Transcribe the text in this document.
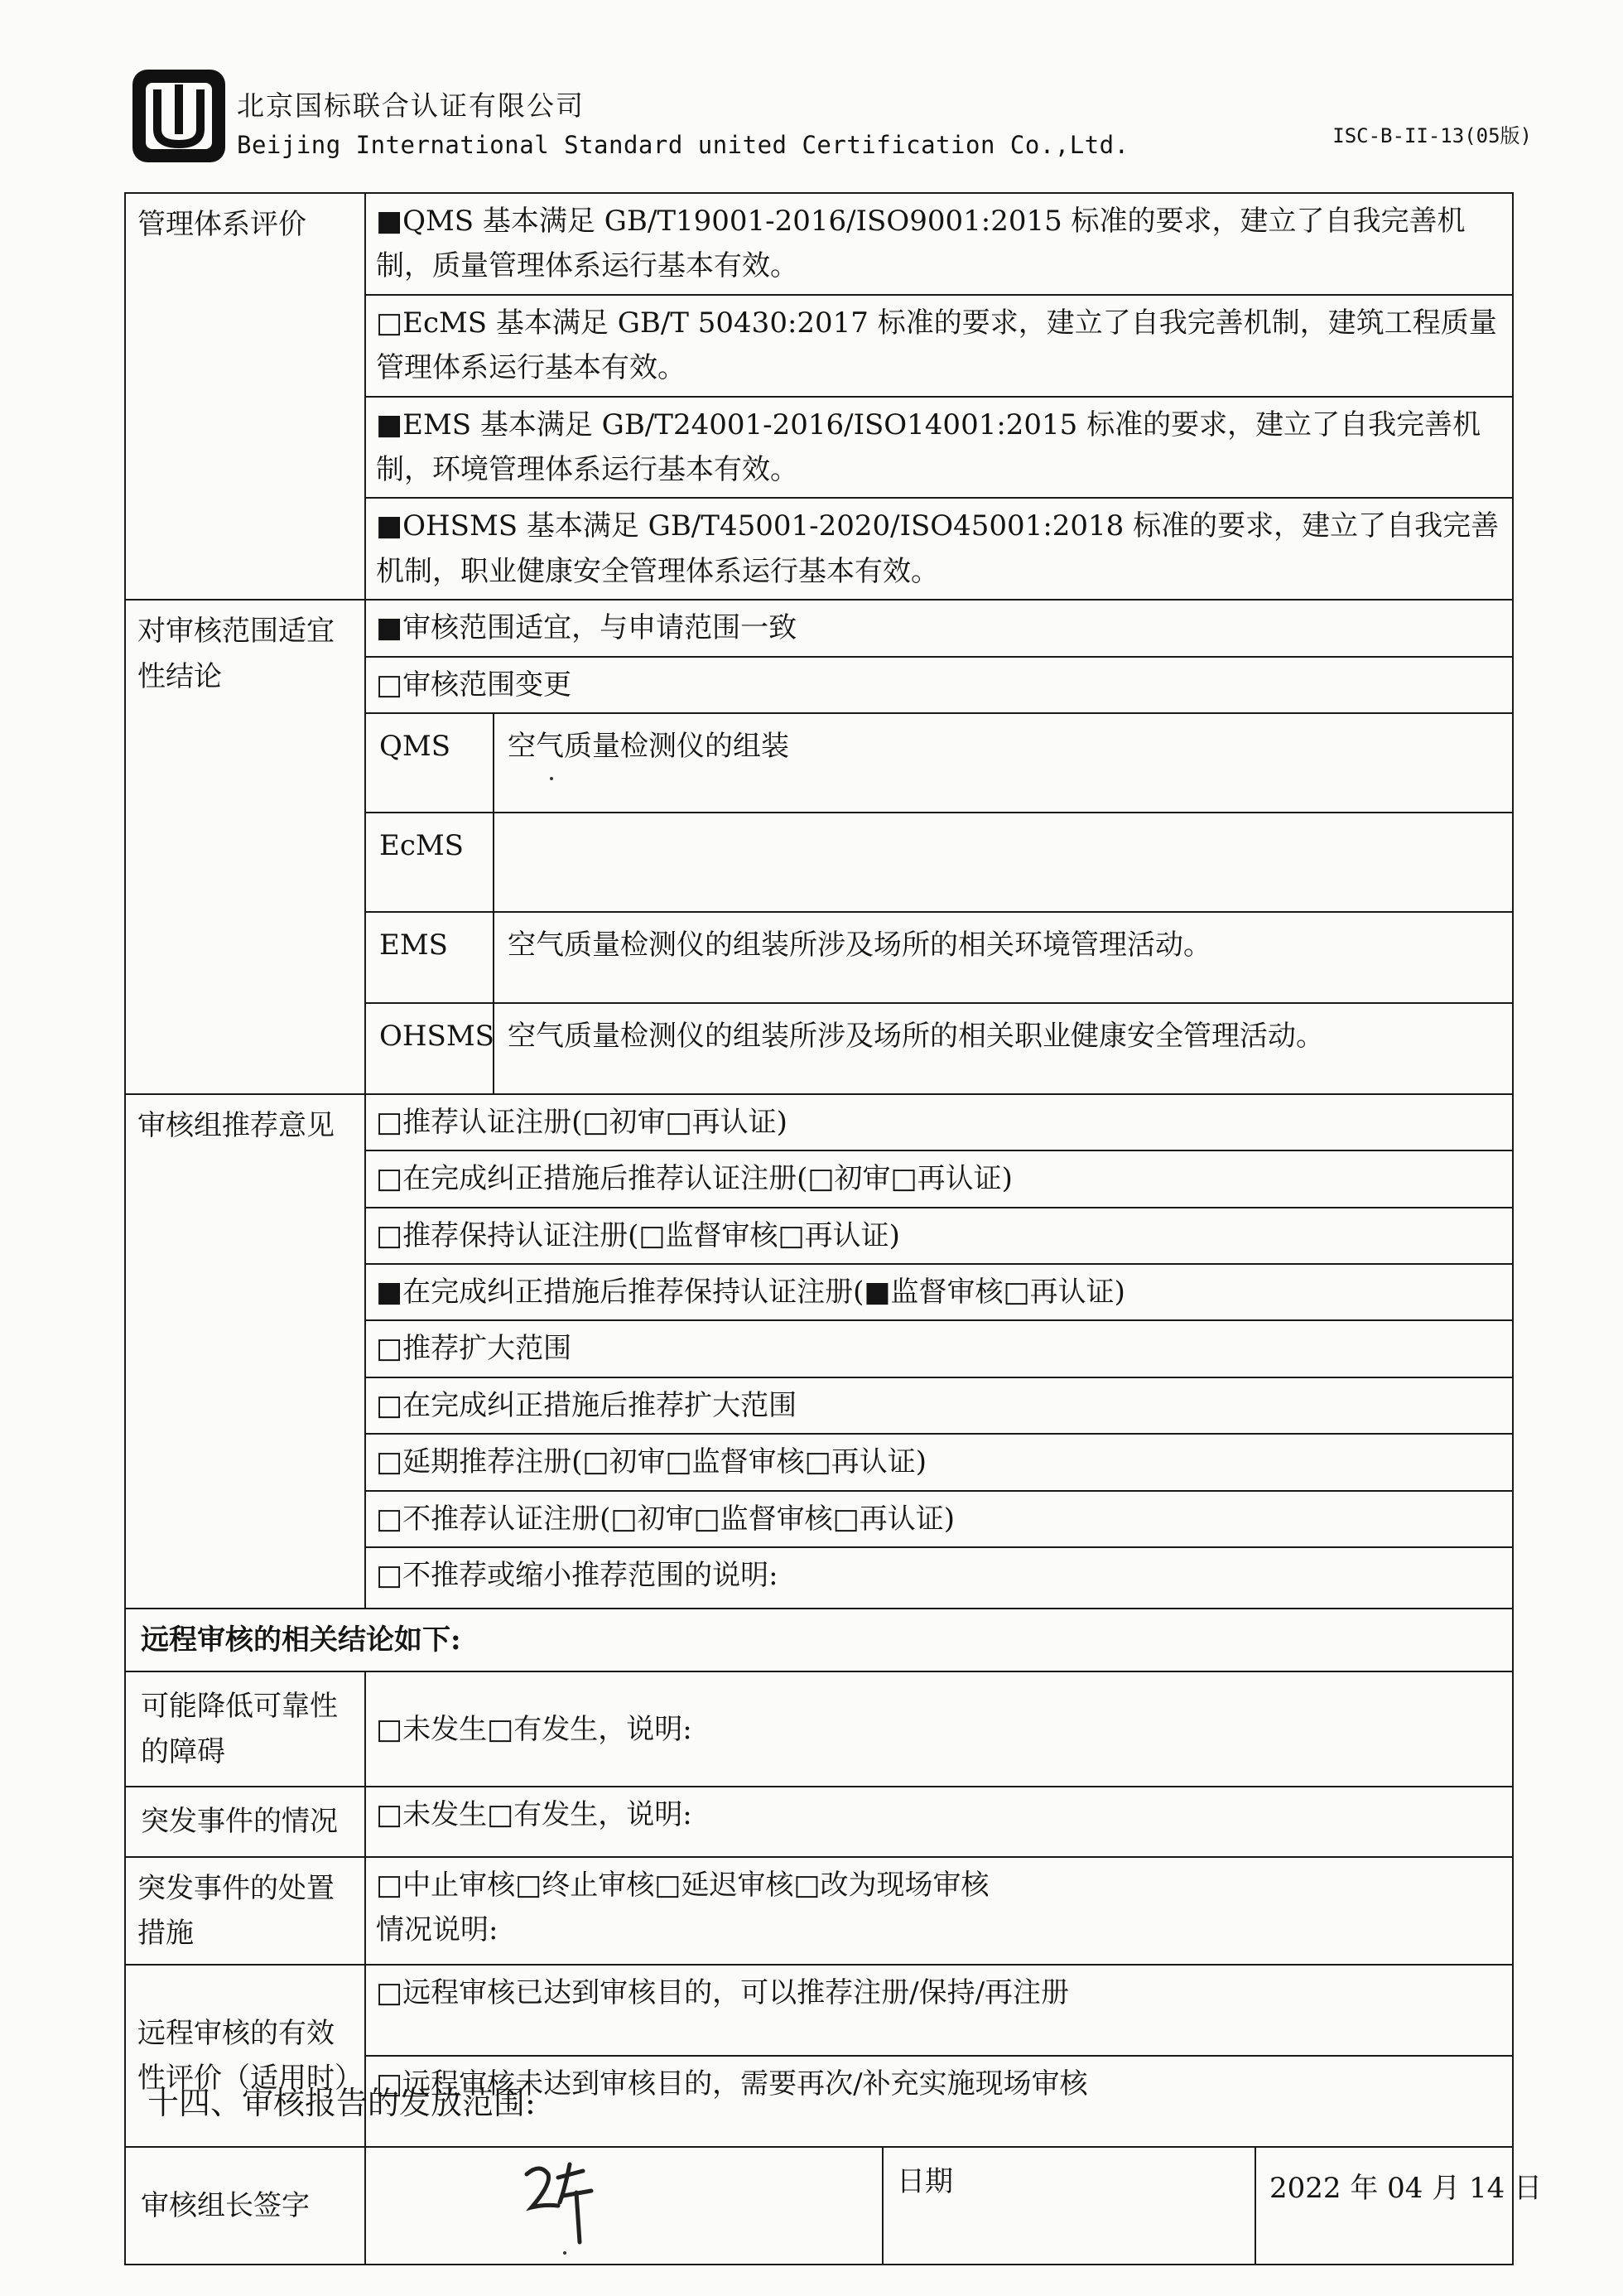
北京国标联合认证有限公司
Beijing International Standard united Certification Co.,Ltd.	ISC-B-II-13(05版)
管理体系评价	■QMS 基本满足 GB/T19001-2016/ISO9001:2015 标准的要求，建立了自我完善机制，质量管理体系运行基本有效。			
	□EcMS 基本满足 GB/T 50430:2017 标准的要求，建立了自我完善机制，建筑工程质量管理体系运行基本有效。			
	■EMS 基本满足 GB/T24001-2016/ISO14001:2015 标准的要求，建立了自我完善机制，环境管理体系运行基本有效。			
	■OHSMS 基本满足 GB/T45001-2020/ISO45001:2018 标准的要求，建立了自我完善机制，职业健康安全管理体系运行基本有效。			
对审核范围适宜性结论	■审核范围适宜，与申请范围一致			
	□审核范围变更			
	QMS	空气质量检测仪的组装		
	EcMS			
	EMS	空气质量检测仪的组装所涉及场所的相关环境管理活动。		
	OHSMS	空气质量检测仪的组装所涉及场所的相关职业健康安全管理活动。		
审核组推荐意见	□推荐认证注册(□初审□再认证)			
	□在完成纠正措施后推荐认证注册(□初审□再认证)			
	□推荐保持认证注册(□监督审核□再认证)			
	■在完成纠正措施后推荐保持认证注册(■监督审核□再认证)			
	□推荐扩大范围			
	□在完成纠正措施后推荐扩大范围			
	□延期推荐注册(□初审□监督审核□再认证)			
	□不推荐认证注册(□初审□监督审核□再认证)			
	□不推荐或缩小推荐范围的说明:			
远程审核的相关结论如下:				
可能降低可靠性的障碍	□未发生□有发生，说明:			
突发事件的情况	□未发生□有发生，说明:			
突发事件的处置措施	□中止审核□终止审核□延迟审核□改为现场审核
情况说明:			

远程审核的有效性评价（适用时）	□远程审核已达到审核目的，可以推荐注册/保持/再注册			
	□远程审核未达到审核目的，需要再次/补充实施现场审核			
审核组长签字			日期	2022 年 04 月 14 日
十四、审核报告的发放范围:
